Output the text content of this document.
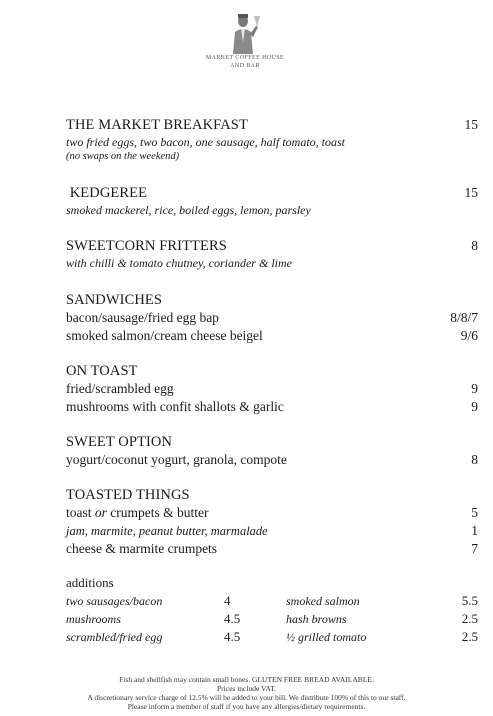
MARKET COFFEE HOUSE
AND BAR
THE MARKET BREAKFAST	15
two fried eggs, two bacon, one sausage, half tomato, toast
(no swaps on the weekend)
KEDGEREE	15
smoked mackerel, rice, boiled eggs, lemon, parsley
SWEETCORN FRITTERS	8
with chilli & tomato chutney, coriander & lime
SANDWICHES
bacon/sausage/fried egg bap	8/8/7
smoked salmon/cream cheese beigel	9/6
ON TOAST
fried/scrambled egg	9
mushrooms with confit shallots & garlic	9
SWEET OPTION
yogurt/coconut yogurt, granola, compote	8
TOASTED THINGS
toast or crumpets & butter	5
jam, marmite, peanut butter, marmalade	1
cheese & marmite crumpets	7
additions
two sausages/bacon	4	smoked salmon	5.5
mushrooms	4.5	hash browns	2.5
scrambled/fried egg	4.5	½ grilled tomato	2.5
Fish and shellfish may contain small bones. GLUTEN FREE BREAD AVAILABLE.
Prices include VAT.
A discretionary service charge of 12.5% will be added to your bill. We distribute 100% of this to our staff.
Please inform a member of staff if you have any allergies/dietary requirements.
